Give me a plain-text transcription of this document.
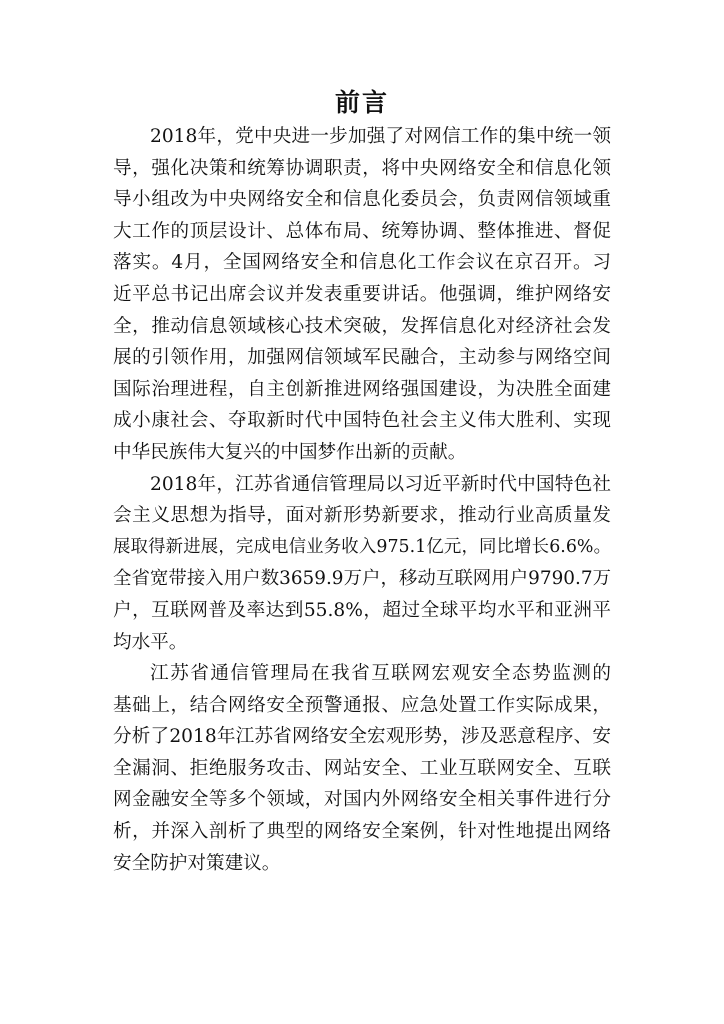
前言
2018年，党中央进一步加强了对网信工作的集中统一领
导，强化决策和统筹协调职责，将中央网络安全和信息化领
导小组改为中央网络安全和信息化委员会，负责网信领域重
大工作的顶层设计、总体布局、统筹协调、整体推进、督促
落实。4月，全国网络安全和信息化工作会议在京召开。习
近平总书记出席会议并发表重要讲话。他强调，维护网络安
全，推动信息领域核心技术突破，发挥信息化对经济社会发
展的引领作用，加强网信领域军民融合，主动参与网络空间
国际治理进程，自主创新推进网络强国建设，为决胜全面建
成小康社会、夺取新时代中国特色社会主义伟大胜利、实现
中华民族伟大复兴的中国梦作出新的贡献。
2018年，江苏省通信管理局以习近平新时代中国特色社
会主义思想为指导，面对新形势新要求，推动行业高质量发
展取得新进展，完成电信业务收入975.1亿元，同比增长6.6%。
全省宽带接入用户数3659.9万户，移动互联网用户9790.7万
户，互联网普及率达到55.8%，超过全球平均水平和亚洲平
均水平。
江苏省通信管理局在我省互联网宏观安全态势监测的
基础上，结合网络安全预警通报、应急处置工作实际成果，
分析了2018年江苏省网络安全宏观形势，涉及恶意程序、安
全漏洞、拒绝服务攻击、网站安全、工业互联网安全、互联
网金融安全等多个领域，对国内外网络安全相关事件进行分
析，并深入剖析了典型的网络安全案例，针对性地提出网络
安全防护对策建议。
